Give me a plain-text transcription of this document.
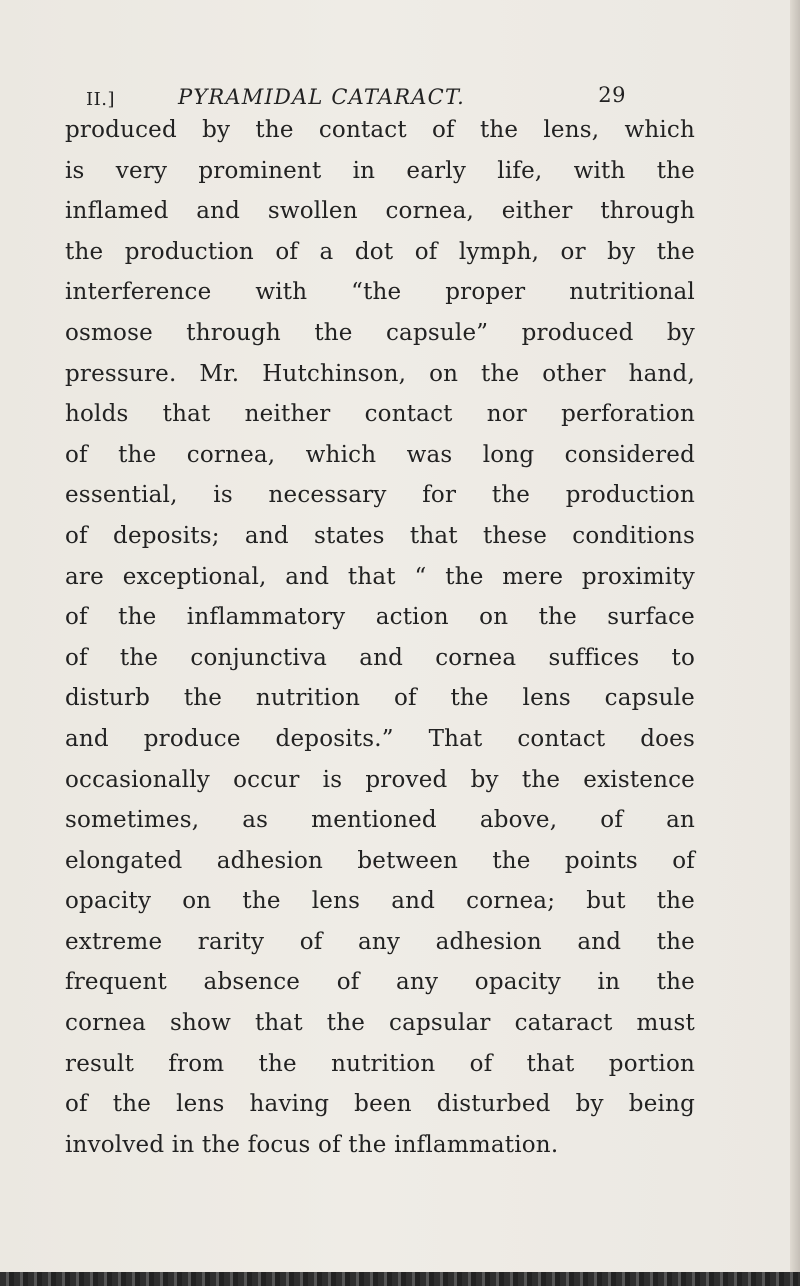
II.]	PYRAMIDAL CATARACT.	29
produced by the contact of the lens, which
is very prominent in early life, with the
inflamed and swollen cornea, either through
the production of a dot of lymph, or by the
interference with “the proper nutritional
osmose through the capsule” produced by
pressure. Mr. Hutchinson, on the other hand,
holds that neither contact nor perforation
of the cornea, which was long considered
essential, is necessary for the production
of deposits; and states that these conditions
are exceptional, and that “ the mere proximity
of the inflammatory action on the surface
of the conjunctiva and cornea suffices to
disturb the nutrition of the lens capsule
and produce deposits.” That contact does
occasionally occur is proved by the existence
sometimes, as mentioned above, of an
elongated adhesion between the points of
opacity on the lens and cornea; but the
extreme rarity of any adhesion and the
frequent absence of any opacity in the
cornea show that the capsular cataract must
result from the nutrition of that portion
of the lens having been disturbed by being
involved in the focus of the inflammation.
